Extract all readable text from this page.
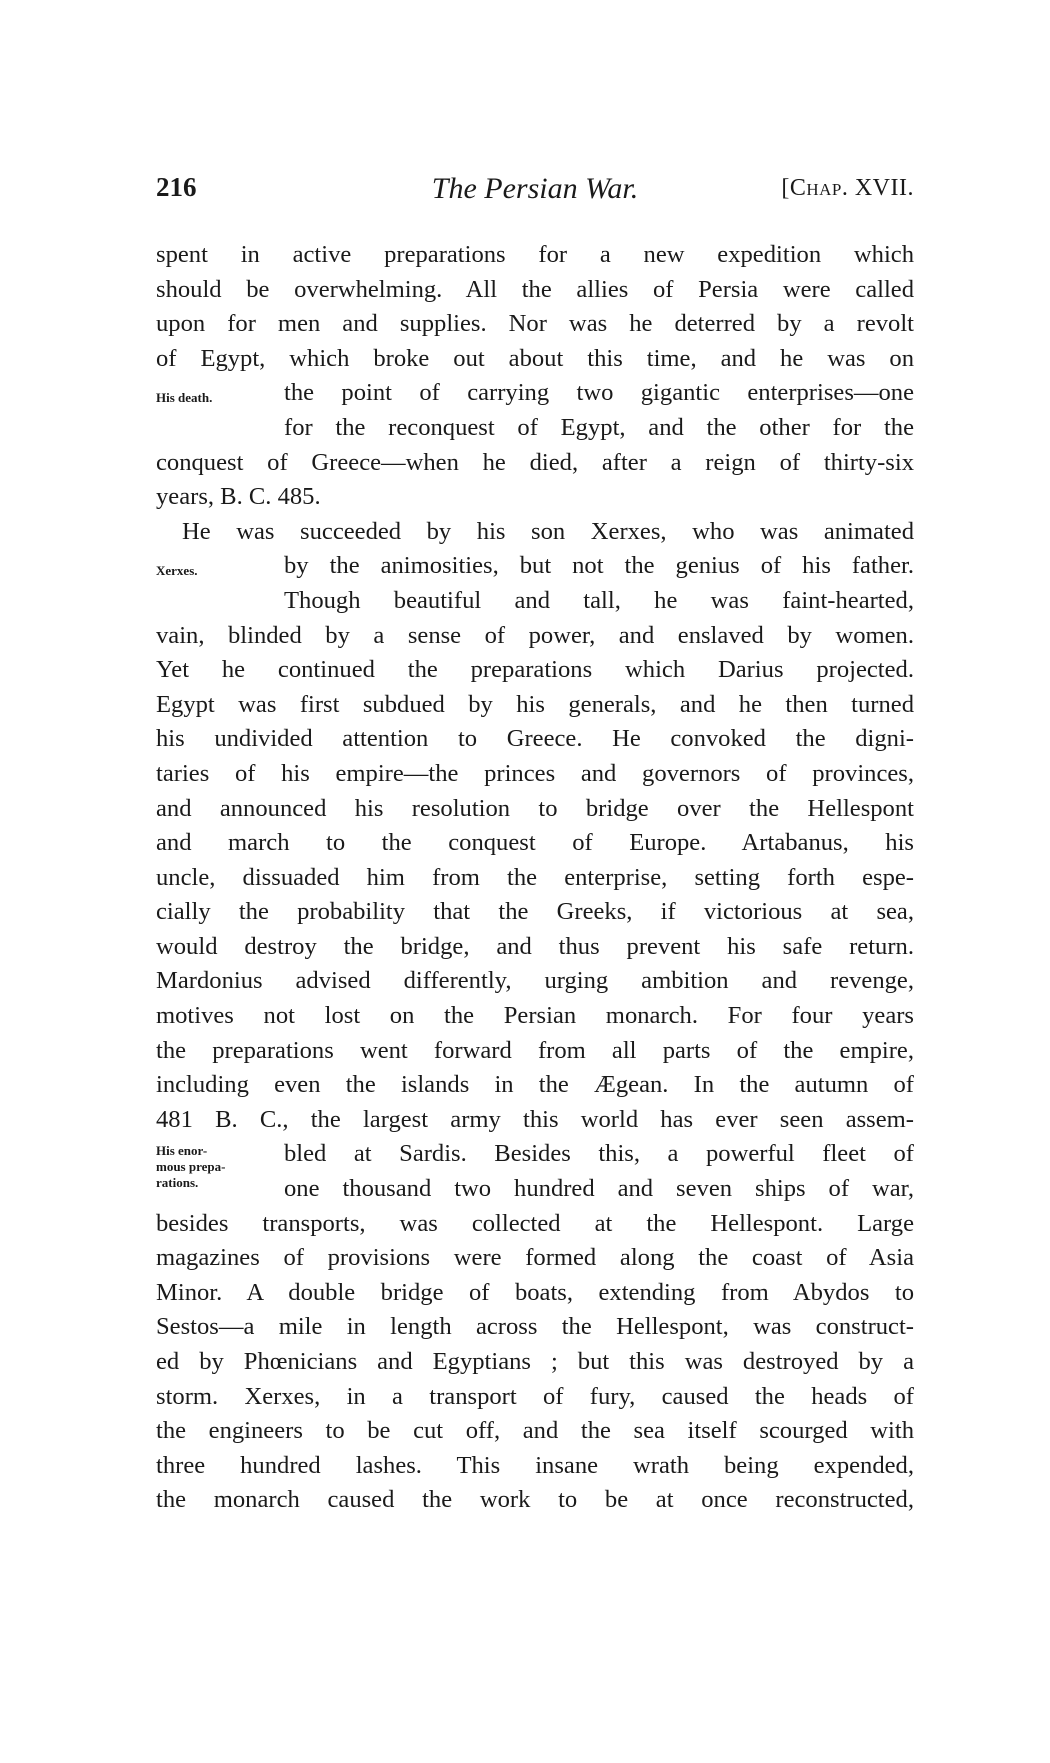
216	The Persian War.	[Chap. XVII.
spent in active preparations for a new expedition which
should be overwhelming. All the allies of Persia were called
upon for men and supplies. Nor was he deterred by a revolt
of Egypt, which broke out about this time, and he was on
His death.	the point of carrying two gigantic enterprises—one
for the reconquest of Egypt, and the other for the
conquest of Greece—when he died, after a reign of thirty-six
years, B. C. 485.
He was succeeded by his son Xerxes, who was animated
Xerxes.	by the animosities, but not the genius of his father.
Though beautiful and tall, he was faint-hearted,
vain, blinded by a sense of power, and enslaved by women.
Yet he continued the preparations which Darius projected.
Egypt was first subdued by his generals, and he then turned
his undivided attention to Greece. He convoked the digni-
taries of his empire—the princes and governors of provinces,
and announced his resolution to bridge over the Hellespont
and march to the conquest of Europe. Artabanus, his
uncle, dissuaded him from the enterprise, setting forth espe-
cially the probability that the Greeks, if victorious at sea,
would destroy the bridge, and thus prevent his safe return.
Mardonius advised differently, urging ambition and revenge,
motives not lost on the Persian monarch. For four years
the preparations went forward from all parts of the empire,
including even the islands in the Ægean. In the autumn of
481 B. C., the largest army this world has ever seen assem-
His enor-
mous prepa-
rations.
bled at Sardis. Besides this, a powerful fleet of
one thousand two hundred and seven ships of war,
besides transports, was collected at the Hellespont. Large
magazines of provisions were formed along the coast of Asia
Minor. A double bridge of boats, extending from Abydos to
Sestos—a mile in length across the Hellespont, was construct-
ed by Phœnicians and Egyptians ; but this was destroyed by a
storm. Xerxes, in a transport of fury, caused the heads of
the engineers to be cut off, and the sea itself scourged with
three hundred lashes. This insane wrath being expended,
the monarch caused the work to be at once reconstructed,
